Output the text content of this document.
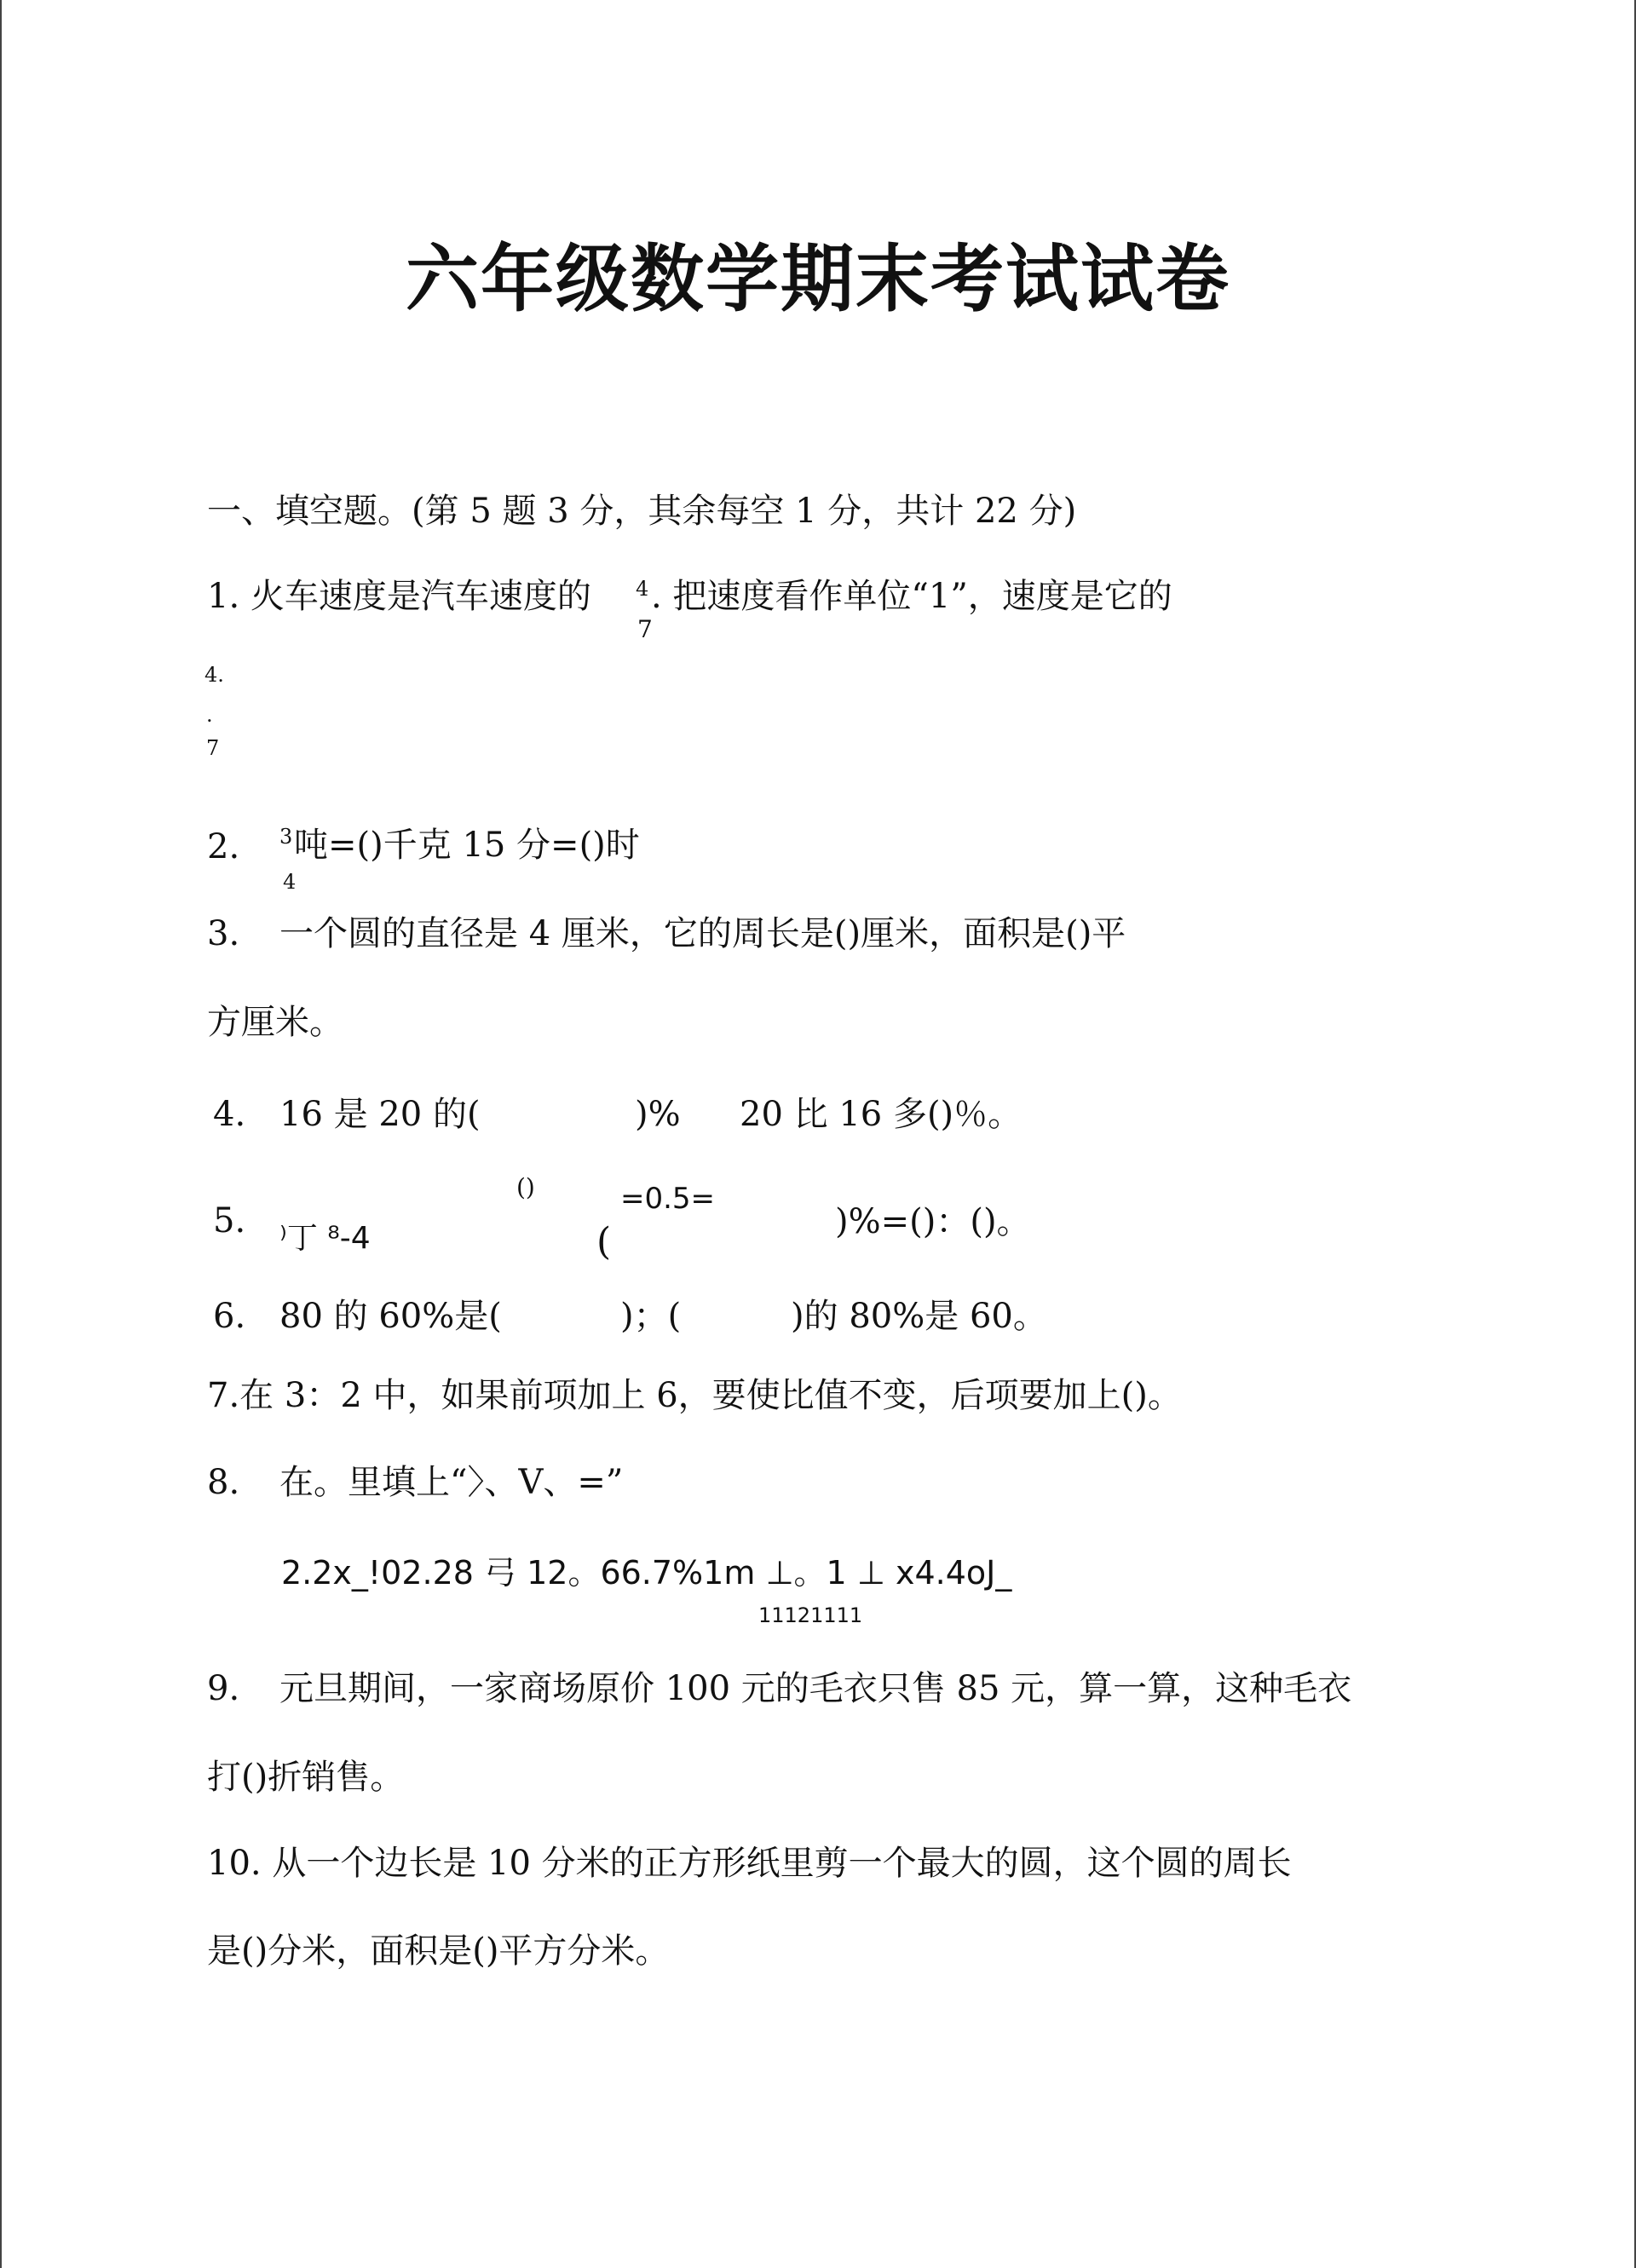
六年级数学期末考试试卷
一、填空题。(第 5 题 3 分，其余每空 1 分，共计 22 分)
1. 火车速度是汽车速度的 4
7
. 把速度看作单位“1”，速度是它的
4.
.
7
2. 3
4
吨=()千克 15 分=()时
3. 一个圆的直径是 4 厘米，它的周长是()厘米，面积是()平
方厘米。
4. 16 是 20 的(	)% 20 比 16 多()％。
5.
()
⁾丁 ⁸-4
=0.5=
(	)%=()：()。
6. 80 的 60%是(	)；(	)的 80%是 60。
7.在 3：2 中，如果前项加上 6，要使比值不变，后项要加上()。
8. 在。里填上“〉、V、=”
2.2x_!02.28 弓 12。66.7%1m ⊥。1 ⊥ x4.4oJ_
11121111
9. 元旦期间，一家商场原价 100 元的毛衣只售 85 元，算一算，这种毛衣
打()折销售。
10. 从一个边长是 10 分米的正方形纸里剪一个最大的圆，这个圆的周长
是()分米，面积是()平方分米。
